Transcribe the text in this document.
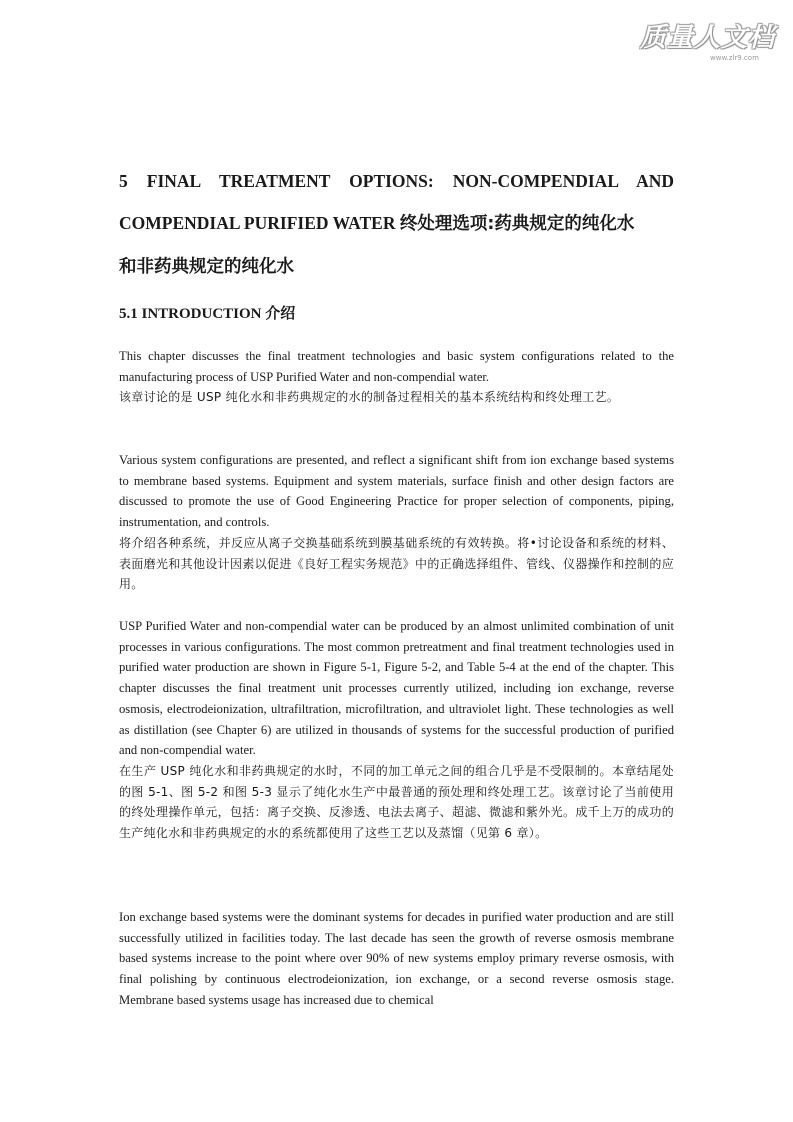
质量人文档
www.zlr9.com
5 FINAL TREATMENT OPTIONS: NON-COMPENDIAL AND
COMPENDIAL PURIFIED WATER 终处理选项:药典规定的纯化水
和非药典规定的纯化水
5.1 INTRODUCTION 介绍
This chapter discusses the final treatment technologies and basic system configurations related to the manufacturing process of USP Purified Water and non-compendial water.
该章讨论的是 USP 纯化水和非药典规定的水的制备过程相关的基本系统结构和终处理工艺。
Various system configurations are presented, and reflect a significant shift from ion exchange based systems to membrane based systems. Equipment and system materials, surface finish and other design factors are discussed to promote the use of Good Engineering Practice for proper selection of components, piping, instrumentation, and controls.
将介绍各种系统，并反应从离子交换基础系统到膜基础系统的有效转换。将•讨论设备和系统的材料、表面磨光和其他设计因素以促进《良好工程实务规范》中的正确选择组件、管线、仪器操作和控制的应用。
USP Purified Water and non-compendial water can be produced by an almost unlimited combination of unit processes in various configurations. The most common pretreatment and final treatment technologies used in purified water production are shown in Figure 5-1, Figure 5-2, and Table 5-4 at the end of the chapter. This chapter discusses the final treatment unit processes currently utilized, including ion exchange, reverse osmosis, electrodeionization, ultrafiltration, microfiltration, and ultraviolet light. These technologies as well as distillation (see Chapter 6) are utilized in thousands of systems for the successful production of purified and non-compendial water.
在生产 USP 纯化水和非药典规定的水时，不同的加工单元之间的组合几乎是不受限制的。本章结尾处的图 5-1、图 5-2 和图 5-3 显示了纯化水生产中最普通的预处理和终处理工艺。该章讨论了当前使用的终处理操作单元，包括：离子交换、反渗透、电法去离子、超滤、微滤和紫外光。成千上万的成功的生产纯化水和非药典规定的水的系统都使用了这些工艺以及蒸馏（见第 6 章）。
Ion exchange based systems were the dominant systems for decades in purified water production and are still successfully utilized in facilities today. The last decade has seen the growth of reverse osmosis membrane based systems increase to the point where over 90% of new systems employ primary reverse osmosis, with final polishing by continuous electrodeionization, ion exchange, or a second reverse osmosis stage. Membrane based systems usage has increased due to chemical
